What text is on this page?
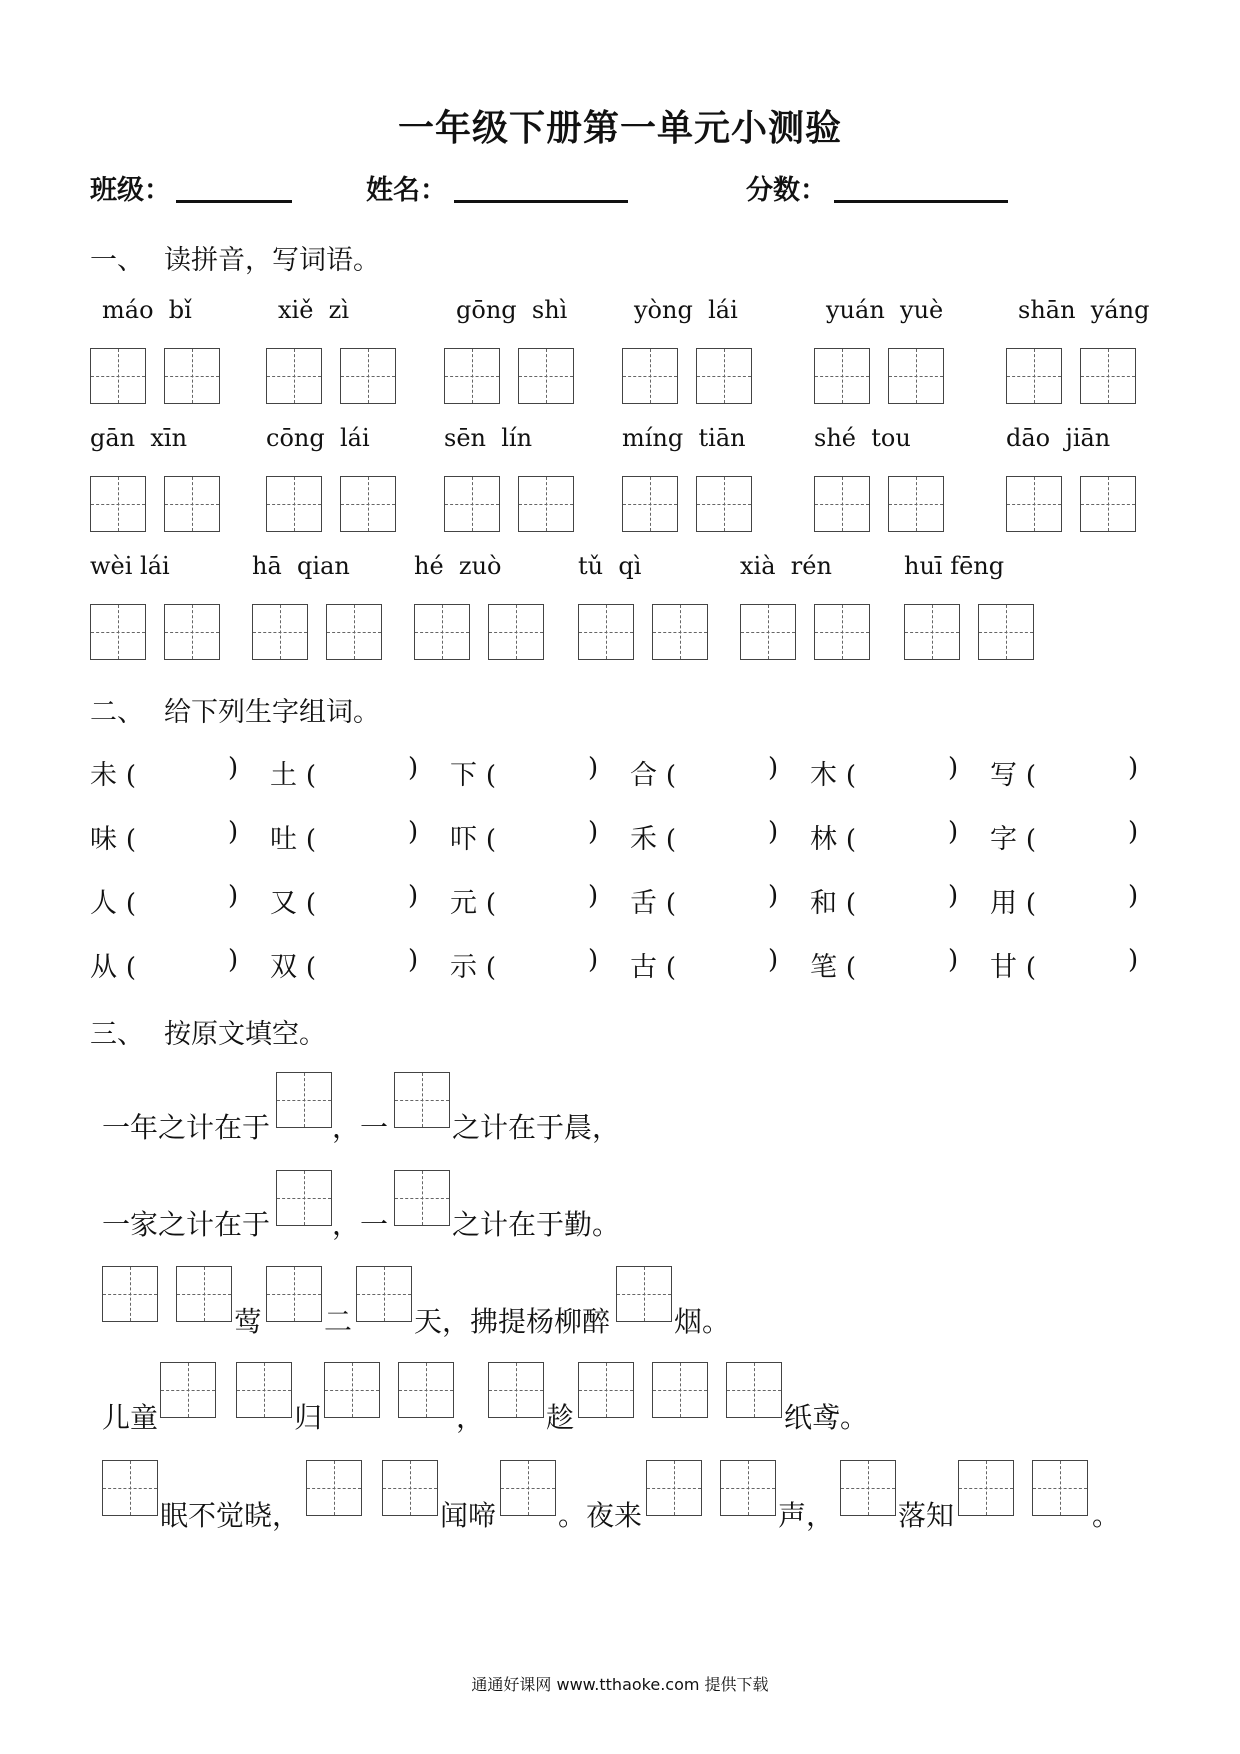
一年级下册第一单元小测验
班级：	姓名：	分数：
一、 读拼音，写词语。
máo  bǐ	xiě  zì	gōng  shì	yòng  lái	yuán  yuè	shān  yáng
gān  xīn	cōng  lái	sēn  lín	míng  tiān	shé  tou	dāo  jiān
wèi lái	hā  qian	hé  zuò	tǔ  qì	xià  rén	huī fēng
二、 给下列生字组词。
未 (	) 土 (	) 下 (	) 合 (	) 木 (	) 写 (	)
味 (	) 吐 (	) 吓 (	) 禾 (	) 林 (	) 字 (	)
人 (	) 又 (	) 元 (	) 舌 (	) 和 (	) 用 (	)
从 (	) 双 (	) 示 (	) 古 (	) 笔 (	) 甘 (	)
三、 按原文填空。
一年之计在于 ，一 之计在于晨，
一家之计在于 ，一 之计在于勤。
莺 二 天，拂提杨柳醉 烟。
儿童	归	， 趁	纸鸢。
眠不觉晓，	闻啼 。夜来	声， 落知	。
通通好课网 www.tthaoke.com 提供下载
